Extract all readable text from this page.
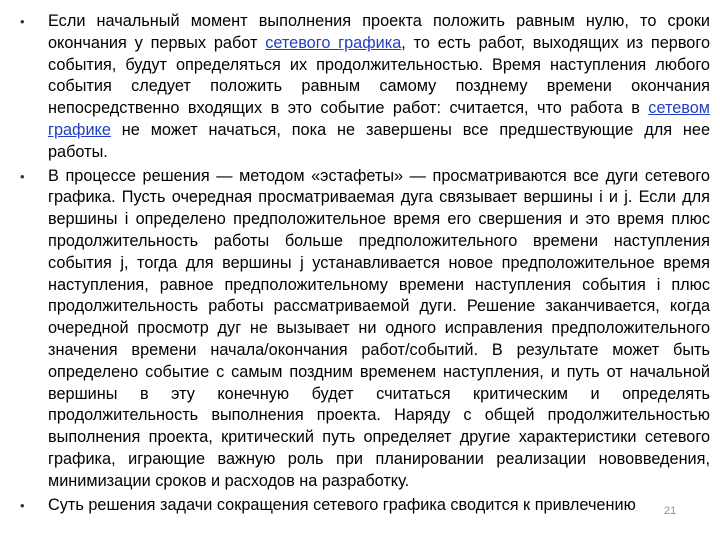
• Если начальный момент выполнения проекта положить равным нулю, то сроки окончания у первых работ сетевого графика, то есть работ, выходящих из первого события, будут определяться их продолжительностью. Время наступления любого события следует положить равным самому позднему времени окончания непосредственно входящих в это событие работ: считается, что работа в сетевом графике не может начаться, пока не завершены все предшествующие для нее работы.
• В процессе решения — методом «эстафеты» — просматриваются все дуги сетевого графика. Пусть очередная просматриваемая дуга связывает вершины i и j. Если для вершины i определено предположительное время его свершения и это время плюс продолжительность работы больше предположительного времени наступления события j, тогда для вершины j устанавливается новое предположительное время наступления, равное предположительному времени наступления события i плюс продолжительность работы рассматриваемой дуги. Решение заканчивается, когда очередной просмотр дуг не вызывает ни одного исправления предположительного значения времени начала/окончания работ/событий. В результате может быть определено событие с самым поздним временем наступления, и путь от начальной вершины в эту конечную будет считаться критическим и определять продолжительность выполнения проекта. Наряду с общей продолжительностью выполнения проекта, критический путь определяет другие характеристики сетевого графика, играющие важную роль при планировании реализации нововведения, минимизации сроков и расходов на разработку.
• Суть решения задачи сокращения сетевого графика сводится к привлечению	21
